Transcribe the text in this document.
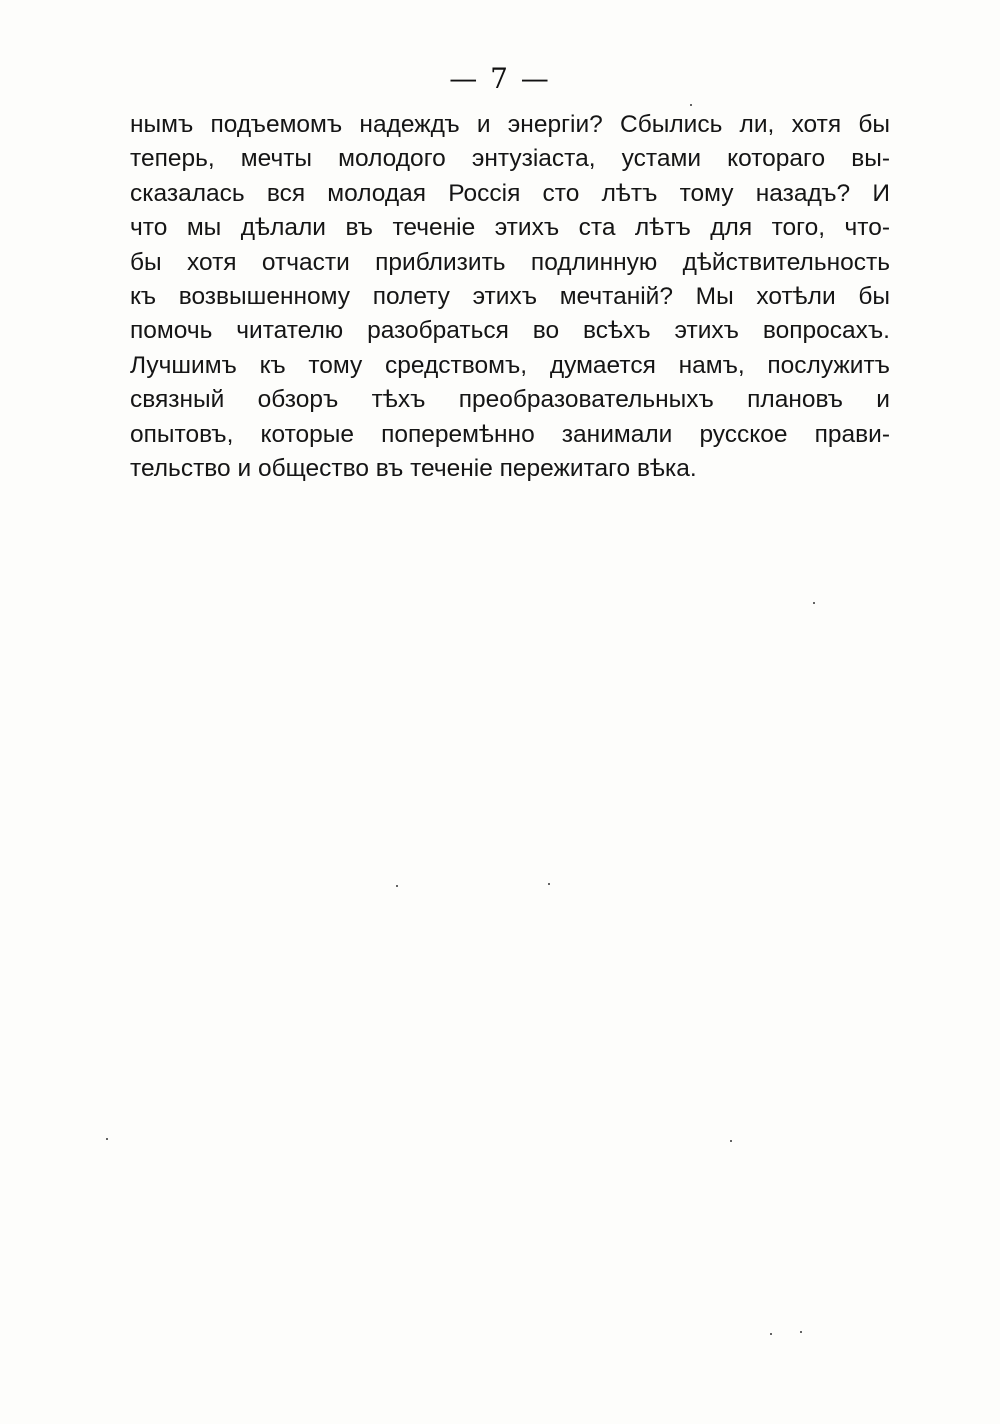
— 7 —
нымъ подъемомъ надеждъ и энергiи? Сбылись ли, хотя бы
теперь, мечты молодого энтузiаста, устами котораго вы-
сказалась вся молодая Россiя сто лѣтъ тому назадъ? И
что мы дѣлали въ теченiе этихъ ста лѣтъ для того, что-
бы хотя отчасти приблизить подлинную дѣйствительность
къ возвышенному полету этихъ мечтанiй? Мы хотѣли бы
помочь читателю разобраться во всѣхъ этихъ вопросахъ.
Лучшимъ къ тому средствомъ, думается намъ, послужитъ
связный обзоръ тѣхъ преобразовательныхъ плановъ и
опытовъ, которые поперемѣнно занимали русское прави-
тельство и общество въ теченiе пережитаго вѣка.
